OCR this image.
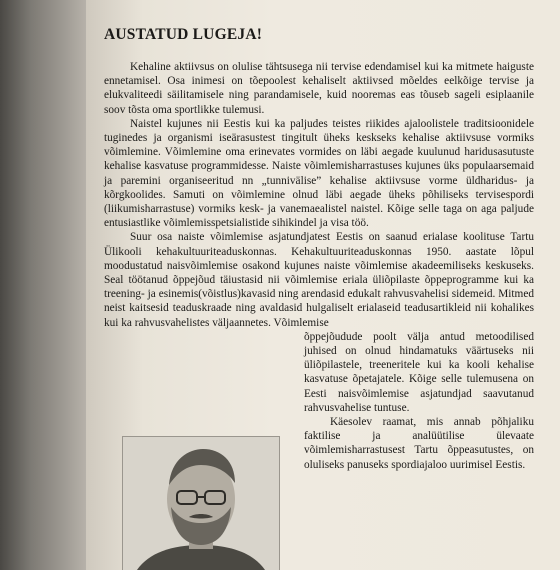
AUSTATUD LUGEJA!

Kehaline aktiivsus on olulise tähtsusega nii tervise edendamisel kui ka mitmete haiguste ennetamisel. Osa inimesi on tõepoolest kehaliselt aktiivsed mõeldes eelkõige tervise ja elukvaliteedi säilitamisele ning parandamisele, kuid nooremas eas tõuseb sageli esiplaanile soov tõsta oma sportlikke tulemusi.

Naistel kujunes nii Eestis kui ka paljudes teistes riikides ajaloolistele traditsioonidele tuginedes ja organismi iseärasustest tingitult üheks keskseks kehalise aktiivsuse vormiks võimlemine. Võimlemine oma erinevates vormides on läbi aegade kuulunud haridusasutuste kehalise kasvatuse programmidesse. Naiste võimlemisharrastuses kujunes üks populaarsemaid ja paremini organiseeritud nn „tunnivälise” kehalise aktiivsuse vorme üldharidus- ja kõrgkoolides. Samuti on võimlemine olnud läbi aegade üheks põhiliseks tervisespordi (liikumisharrastuse) vormiks kesk- ja vanemaealistel naistel. Kõige selle taga on aga paljude entusiastlike võimlemisspetsialistide sihikindel ja visa töö.

Suur osa naiste võimlemise asjatundjatest Eestis on saanud erialase koolituse Tartu Ülikooli kehakultuuriteaduskonnas. Kehakultuuriteaduskonnas 1950. aastate lõpul moodustatud naisvõimlemise osakond kujunes naiste võimlemise akadeemiliseks keskuseks. Seal töötanud õppejõud täiustasid nii võimlemise eriala üliõpilaste õppeprogramme kui ka treening- ja esinemis(võistlus)kavasid ning arendasid edukalt rahvusvahelisi sidemeid. Mitmed neist kaitsesid teaduskraade ning avaldasid hulgaliselt erialaseid teadusartikleid nii kohalikes kui ka rahvusvahelistes väljaannetes. Võimlemise

õppejõudude poolt välja antud metoodilised juhised on olnud hindamatuks väärtuseks nii üliõpilastele, treeneritele kui ka kooli kehalise kasvatuse õpetajatele. Kõige selle tulemusena on Eesti naisvõimlemise asjatundjad saavutanud rahvusvahelise tuntuse.

Käesolev raamat, mis annab põhjaliku faktilise ja analüütilise ülevaate võimlemisharrastusest Tartu õppeasutustes, on oluliseks panuseks spordiajaloo uurimisel Eestis.
